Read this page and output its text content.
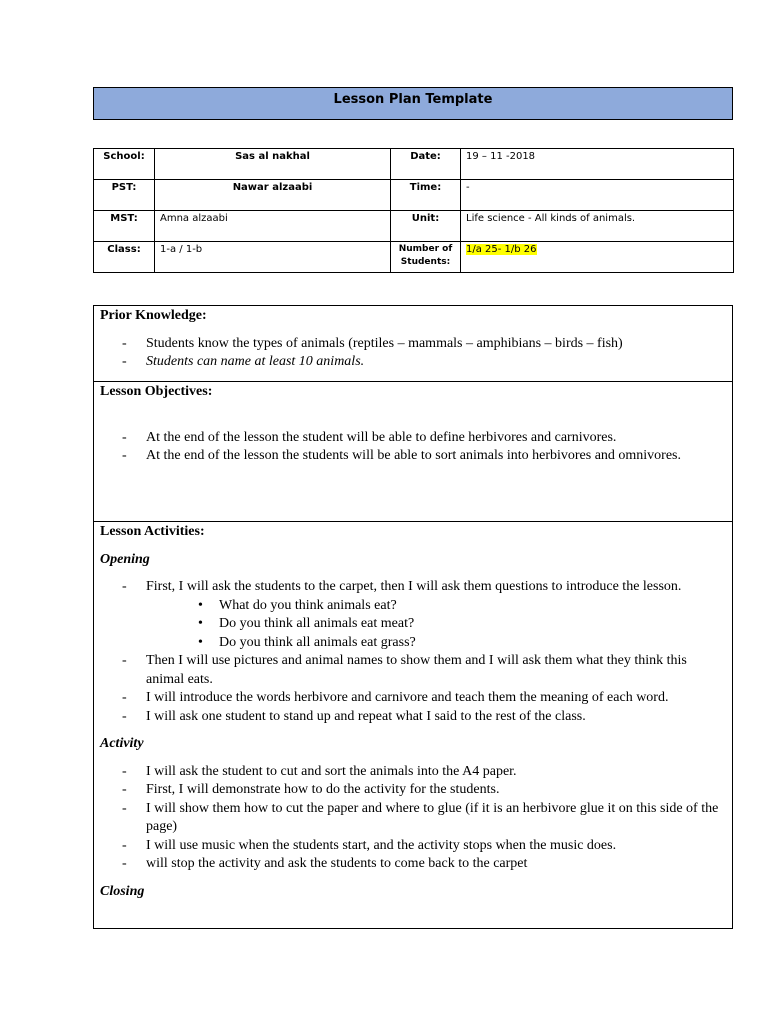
Lesson Plan Template
School:	Sas al nakhal	Date:	19 – 11 -2018
PST:	Nawar alzaabi	Time:	-
MST:	Amna alzaabi	Unit:	Life science - All kinds of animals.
Class:	1-a / 1-b	Number of Students:	1/a 25- 1/b 26
Prior Knowledge:
- Students know the types of animals (reptiles – mammals – amphibians – birds – fish)
- Students can name at least 10 animals.
Lesson Objectives:
- At the end of the lesson the student will be able to define herbivores and carnivores.
- At the end of the lesson the students will be able to sort animals into herbivores and omnivores.
Lesson Activities:
Opening
- First, I will ask the students to the carpet, then I will ask them questions to introduce the lesson.
• What do you think animals eat?
• Do you think all animals eat meat?
• Do you think all animals eat grass?
- Then I will use pictures and animal names to show them and I will ask them what they think this animal eats.
- I will introduce the words herbivore and carnivore and teach them the meaning of each word.
- I will ask one student to stand up and repeat what I said to the rest of the class.
Activity
- I will ask the student to cut and sort the animals into the A4 paper.
- First, I will demonstrate how to do the activity for the students.
- I will show them how to cut the paper and where to glue (if it is an herbivore glue it on this side of the page)
- I will use music when the students start, and the activity stops when the music does.
- will stop the activity and ask the students to come back to the carpet
Closing
